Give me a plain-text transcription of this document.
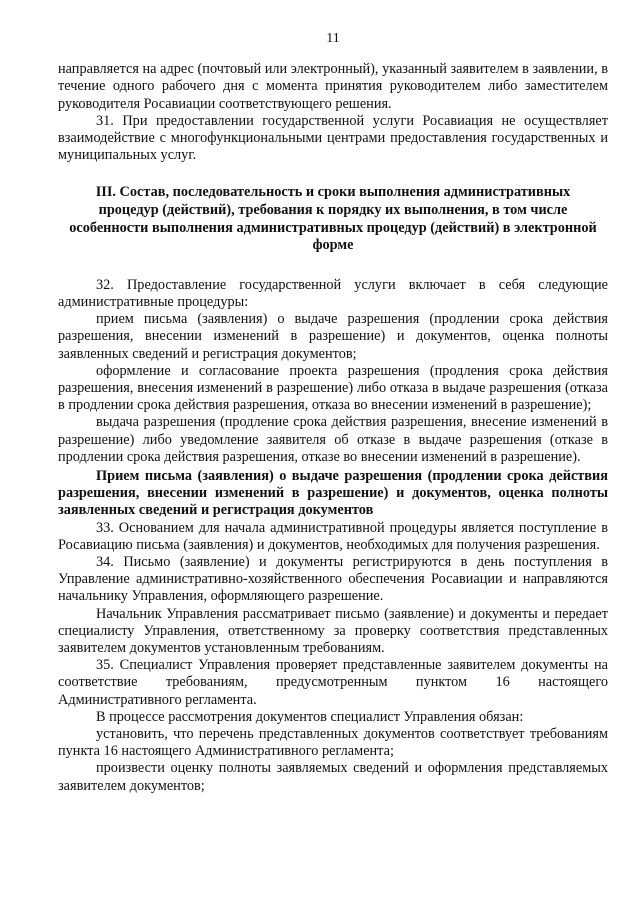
11

направляется на адрес (почтовый или электронный), указанный заявителем в заявлении, в течение одного рабочего дня с момента принятия руководителем либо заместителем руководителя Росавиации соответствующего решения.

31. При предоставлении государственной услуги Росавиация не осуществляет взаимодействие с многофункциональными центрами предоставления государственных и муниципальных услуг.

III. Состав, последовательность и сроки выполнения административных процедур (действий), требования к порядку их выполнения, в том числе особенности выполнения административных процедур (действий) в электронной форме

32. Предоставление государственной услуги включает в себя следующие административные процедуры:

прием письма (заявления) о выдаче разрешения (продлении срока действия разрешения, внесении изменений в разрешение) и документов, оценка полноты заявленных сведений и регистрация документов;

оформление и согласование проекта разрешения (продления срока действия разрешения, внесения изменений в разрешение) либо отказа в выдаче разрешения (отказа в продлении срока действия разрешения, отказа во внесении изменений в разрешение);

выдача разрешения (продление срока действия разрешения, внесение изменений в разрешение) либо уведомление заявителя об отказе в выдаче разрешения (отказе в продлении срока действия разрешения, отказе во внесении изменений в разрешение).

Прием письма (заявления) о выдаче разрешения (продлении срока действия разрешения, внесении изменений в разрешение) и документов, оценка полноты заявленных сведений и регистрация документов

33. Основанием для начала административной процедуры является поступление в Росавиацию письма (заявления) и документов, необходимых для получения разрешения.

34. Письмо (заявление) и документы регистрируются в день поступления в Управление административно-хозяйственного обеспечения Росавиации и направляются начальнику Управления, оформляющего разрешение.

Начальник Управления рассматривает письмо (заявление) и документы и передает специалисту Управления, ответственному за проверку соответствия представленных заявителем документов установленным требованиям.

35. Специалист Управления проверяет представленные заявителем документы на соответствие требованиям, предусмотренным пунктом 16 настоящего Административного регламента.

В процессе рассмотрения документов специалист Управления обязан:

установить, что перечень представленных документов соответствует требованиям пункта 16 настоящего Административного регламента;

произвести оценку полноты заявляемых сведений и оформления представляемых заявителем документов;
